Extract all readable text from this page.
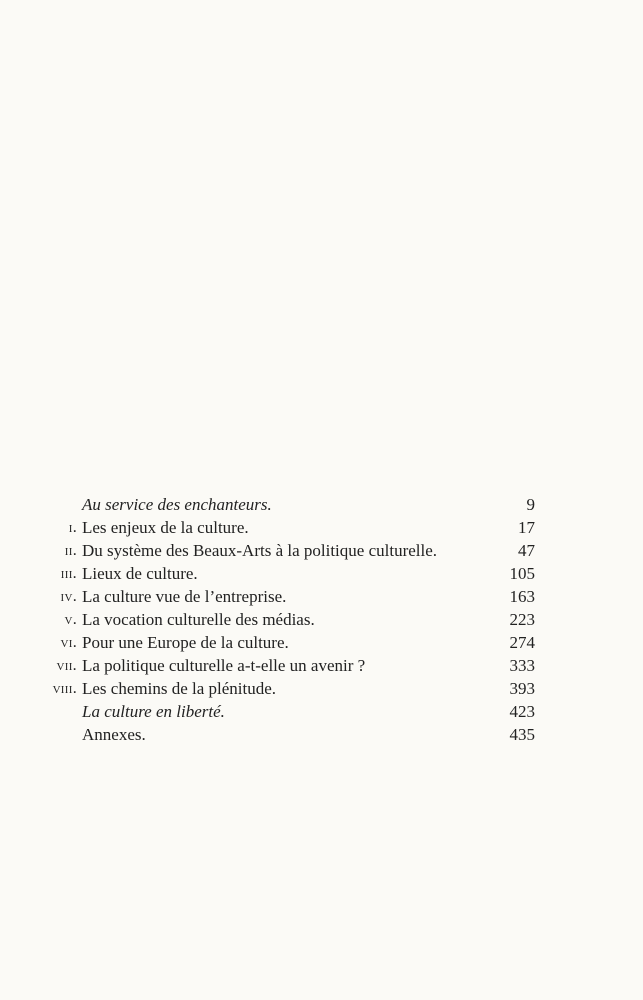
Au service des enchanteurs.	9
i. Les enjeux de la culture.	17
ii. Du système des Beaux-Arts à la politique culturelle.	47
iii. Lieux de culture.	105
iv. La culture vue de l’entreprise.	163
v. La vocation culturelle des médias.	223
vi. Pour une Europe de la culture.	274
vii. La politique culturelle a-t-elle un avenir ?	333
viii. Les chemins de la plénitude.	393
La culture en liberté.	423
Annexes.	435
